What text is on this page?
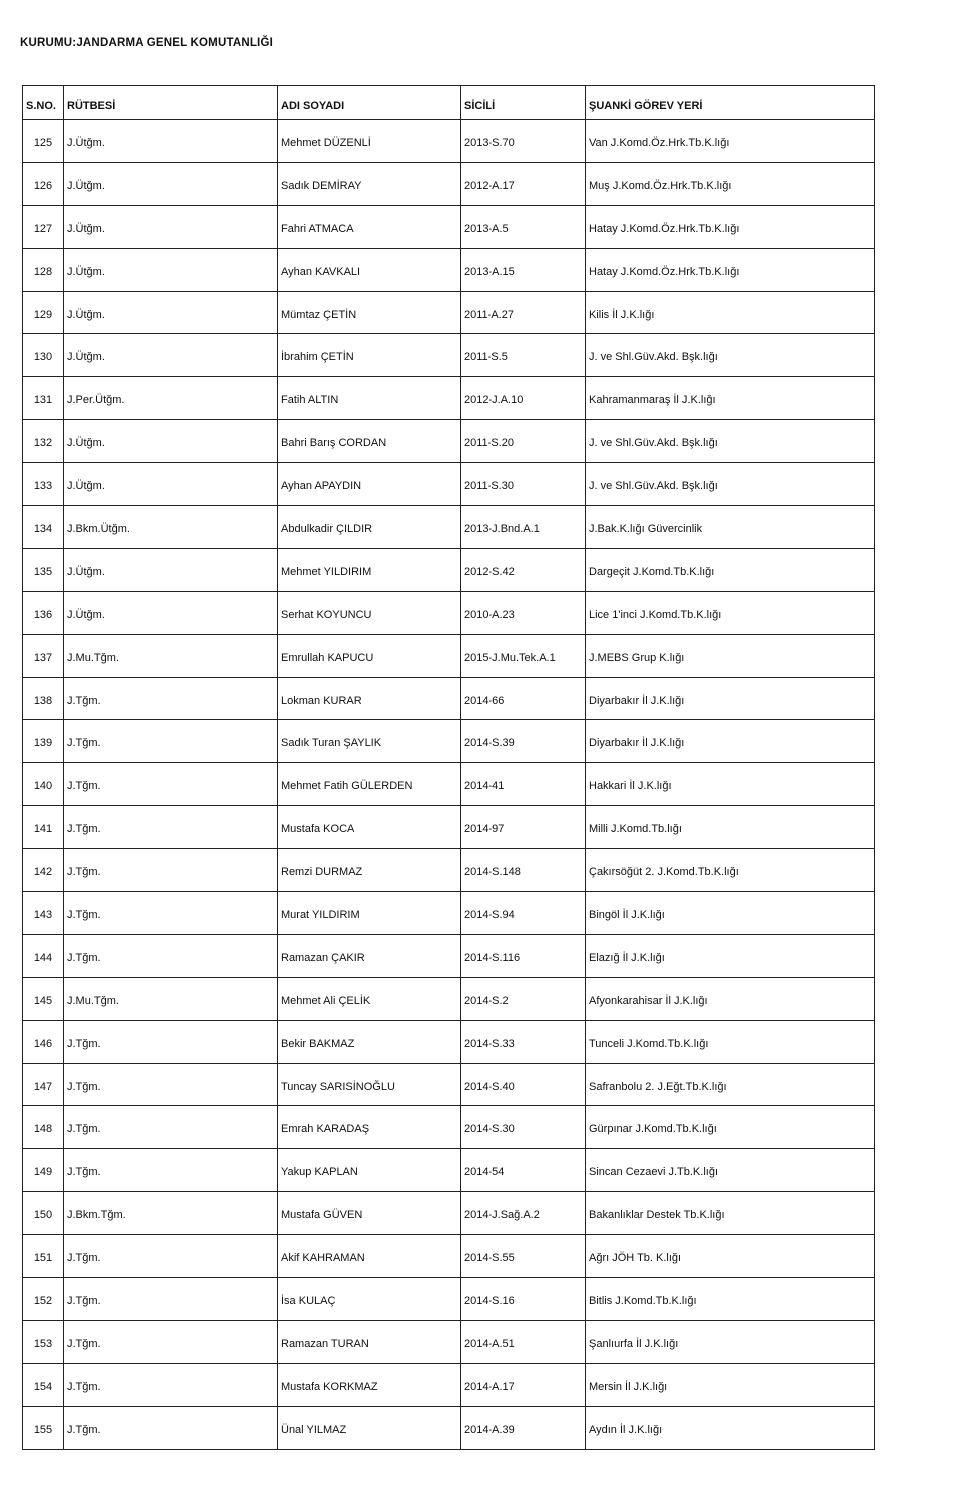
KURUMU:JANDARMA GENEL KOMUTANLIĞI
S.NO.	RÜTBESİ	ADI SOYADI	SİCİLİ	ŞUANKİ GÖREV YERİ
125	J.Ütğm.	Mehmet DÜZENLİ	2013-S.70	Van J.Komd.Öz.Hrk.Tb.K.lığı
126	J.Ütğm.	Sadık DEMİRAY	2012-A.17	Muş J.Komd.Öz.Hrk.Tb.K.lığı
127	J.Ütğm.	Fahri ATMACA	2013-A.5	Hatay J.Komd.Öz.Hrk.Tb.K.lığı
128	J.Ütğm.	Ayhan KAVKALI	2013-A.15	Hatay J.Komd.Öz.Hrk.Tb.K.lığı
129	J.Ütğm.	Mümtaz ÇETİN	2011-A.27	Kilis İl J.K.lığı
130	J.Ütğm.	İbrahim ÇETİN	2011-S.5	J. ve Shl.Güv.Akd. Bşk.lığı
131	J.Per.Ütğm.	Fatih ALTIN	2012-J.A.10	Kahramanmaraş İl J.K.lığı
132	J.Ütğm.	Bahri Barış CORDAN	2011-S.20	J. ve Shl.Güv.Akd. Bşk.lığı
133	J.Ütğm.	Ayhan APAYDIN	2011-S.30	J. ve Shl.Güv.Akd. Bşk.lığı
134	J.Bkm.Ütğm.	Abdulkadir ÇILDIR	2013-J.Bnd.A.1	J.Bak.K.lığı Güvercinlik
135	J.Ütğm.	Mehmet YILDIRIM	2012-S.42	Dargeçit J.Komd.Tb.K.lığı
136	J.Ütğm.	Serhat KOYUNCU	2010-A.23	Lice 1'inci J.Komd.Tb.K.lığı
137	J.Mu.Tğm.	Emrullah KAPUCU	2015-J.Mu.Tek.A.1	J.MEBS Grup K.lığı
138	J.Tğm.	Lokman KURAR	2014-66	Diyarbakır İl J.K.lığı
139	J.Tğm.	Sadık Turan ŞAYLIK	2014-S.39	Diyarbakır İl J.K.lığı
140	J.Tğm.	Mehmet Fatih GÜLERDEN	2014-41	Hakkari İl J.K.lığı
141	J.Tğm.	Mustafa KOCA	2014-97	Milli J.Komd.Tb.lığı
142	J.Tğm.	Remzi DURMAZ	2014-S.148	Çakırsöğüt 2. J.Komd.Tb.K.lığı
143	J.Tğm.	Murat YILDIRIM	2014-S.94	Bingöl İl J.K.lığı
144	J.Tğm.	Ramazan ÇAKIR	2014-S.116	Elazığ İl J.K.lığı
145	J.Mu.Tğm.	Mehmet Ali ÇELİK	2014-S.2	Afyonkarahisar İl J.K.lığı
146	J.Tğm.	Bekir BAKMAZ	2014-S.33	Tunceli J.Komd.Tb.K.lığı
147	J.Tğm.	Tuncay SARISİNOĞLU	2014-S.40	Safranbolu 2. J.Eğt.Tb.K.lığı
148	J.Tğm.	Emrah KARADAŞ	2014-S.30	Gürpınar J.Komd.Tb.K.lığı
149	J.Tğm.	Yakup KAPLAN	2014-54	Sincan Cezaevi J.Tb.K.lığı
150	J.Bkm.Tğm.	Mustafa GÜVEN	2014-J.Sağ.A.2	Bakanlıklar Destek Tb.K.lığı
151	J.Tğm.	Akif KAHRAMAN	2014-S.55	Ağrı JÖH Tb. K.lığı
152	J.Tğm.	İsa KULAÇ	2014-S.16	Bitlis J.Komd.Tb.K.lığı
153	J.Tğm.	Ramazan TURAN	2014-A.51	Şanlıurfa İl J.K.lığı
154	J.Tğm.	Mustafa KORKMAZ	2014-A.17	Mersin İl J.K.lığı
155	J.Tğm.	Ünal YILMAZ	2014-A.39	Aydın İl J.K.lığı
